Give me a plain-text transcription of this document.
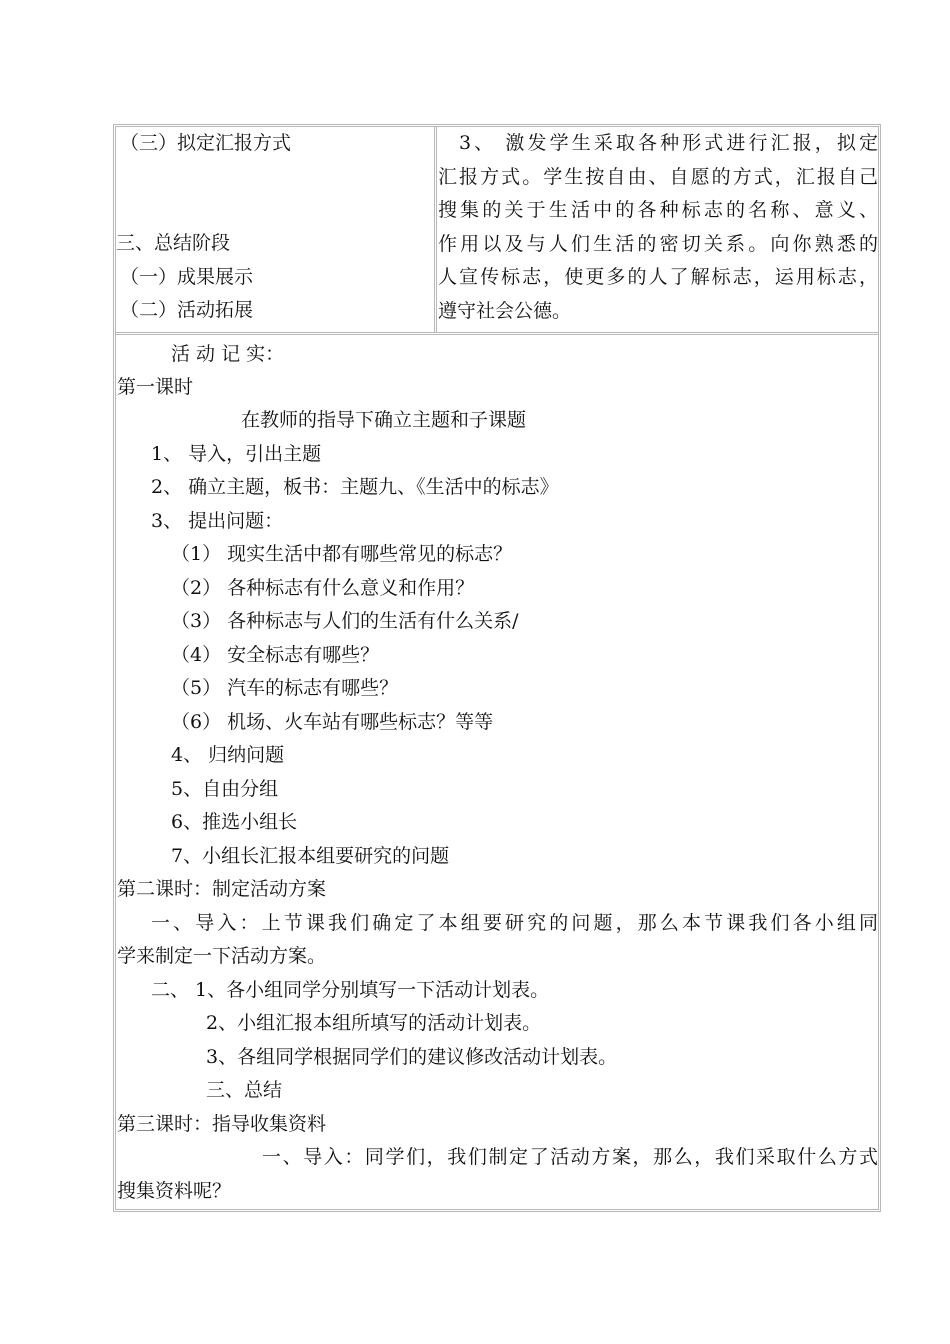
（三）拟定汇报方式
三、总结阶段
（一）成果展示
（二）活动拓展
3、 激发学生采取各种形式进行汇报，拟定
汇报方式。学生按自由、自愿的方式，汇报自己
搜集的关于生活中的各种标志的名称、意义、
作用以及与人们生活的密切关系。向你熟悉的
人宣传标志，使更多的人了解标志，运用标志，
遵守社会公德。
活 动 记 实：
第一课时
在教师的指导下确立主题和子课题
1、 导入，引出主题
2、 确立主题，板书：主题九、《生活中的标志》
3、 提出问题：
（1） 现实生活中都有哪些常见的标志？
（2） 各种标志有什么意义和作用？
（3） 各种标志与人们的生活有什么关系/
（4） 安全标志有哪些？
（5） 汽车的标志有哪些？
（6） 机场、火车站有哪些标志？等等
4、 归纳问题
5、自由分组
6、推选小组长
7、小组长汇报本组要研究的问题
第二课时：制定活动方案
一、导入：上节课我们确定了本组要研究的问题，那么本节课我们各小组同
学来制定一下活动方案。
二、 1、各小组同学分别填写一下活动计划表。
2、小组汇报本组所填写的活动计划表。
3、各组同学根据同学们的建议修改活动计划表。
三、总结
第三课时：指导收集资料
一、导入：同学们，我们制定了活动方案，那么，我们采取什么方式
搜集资料呢？
